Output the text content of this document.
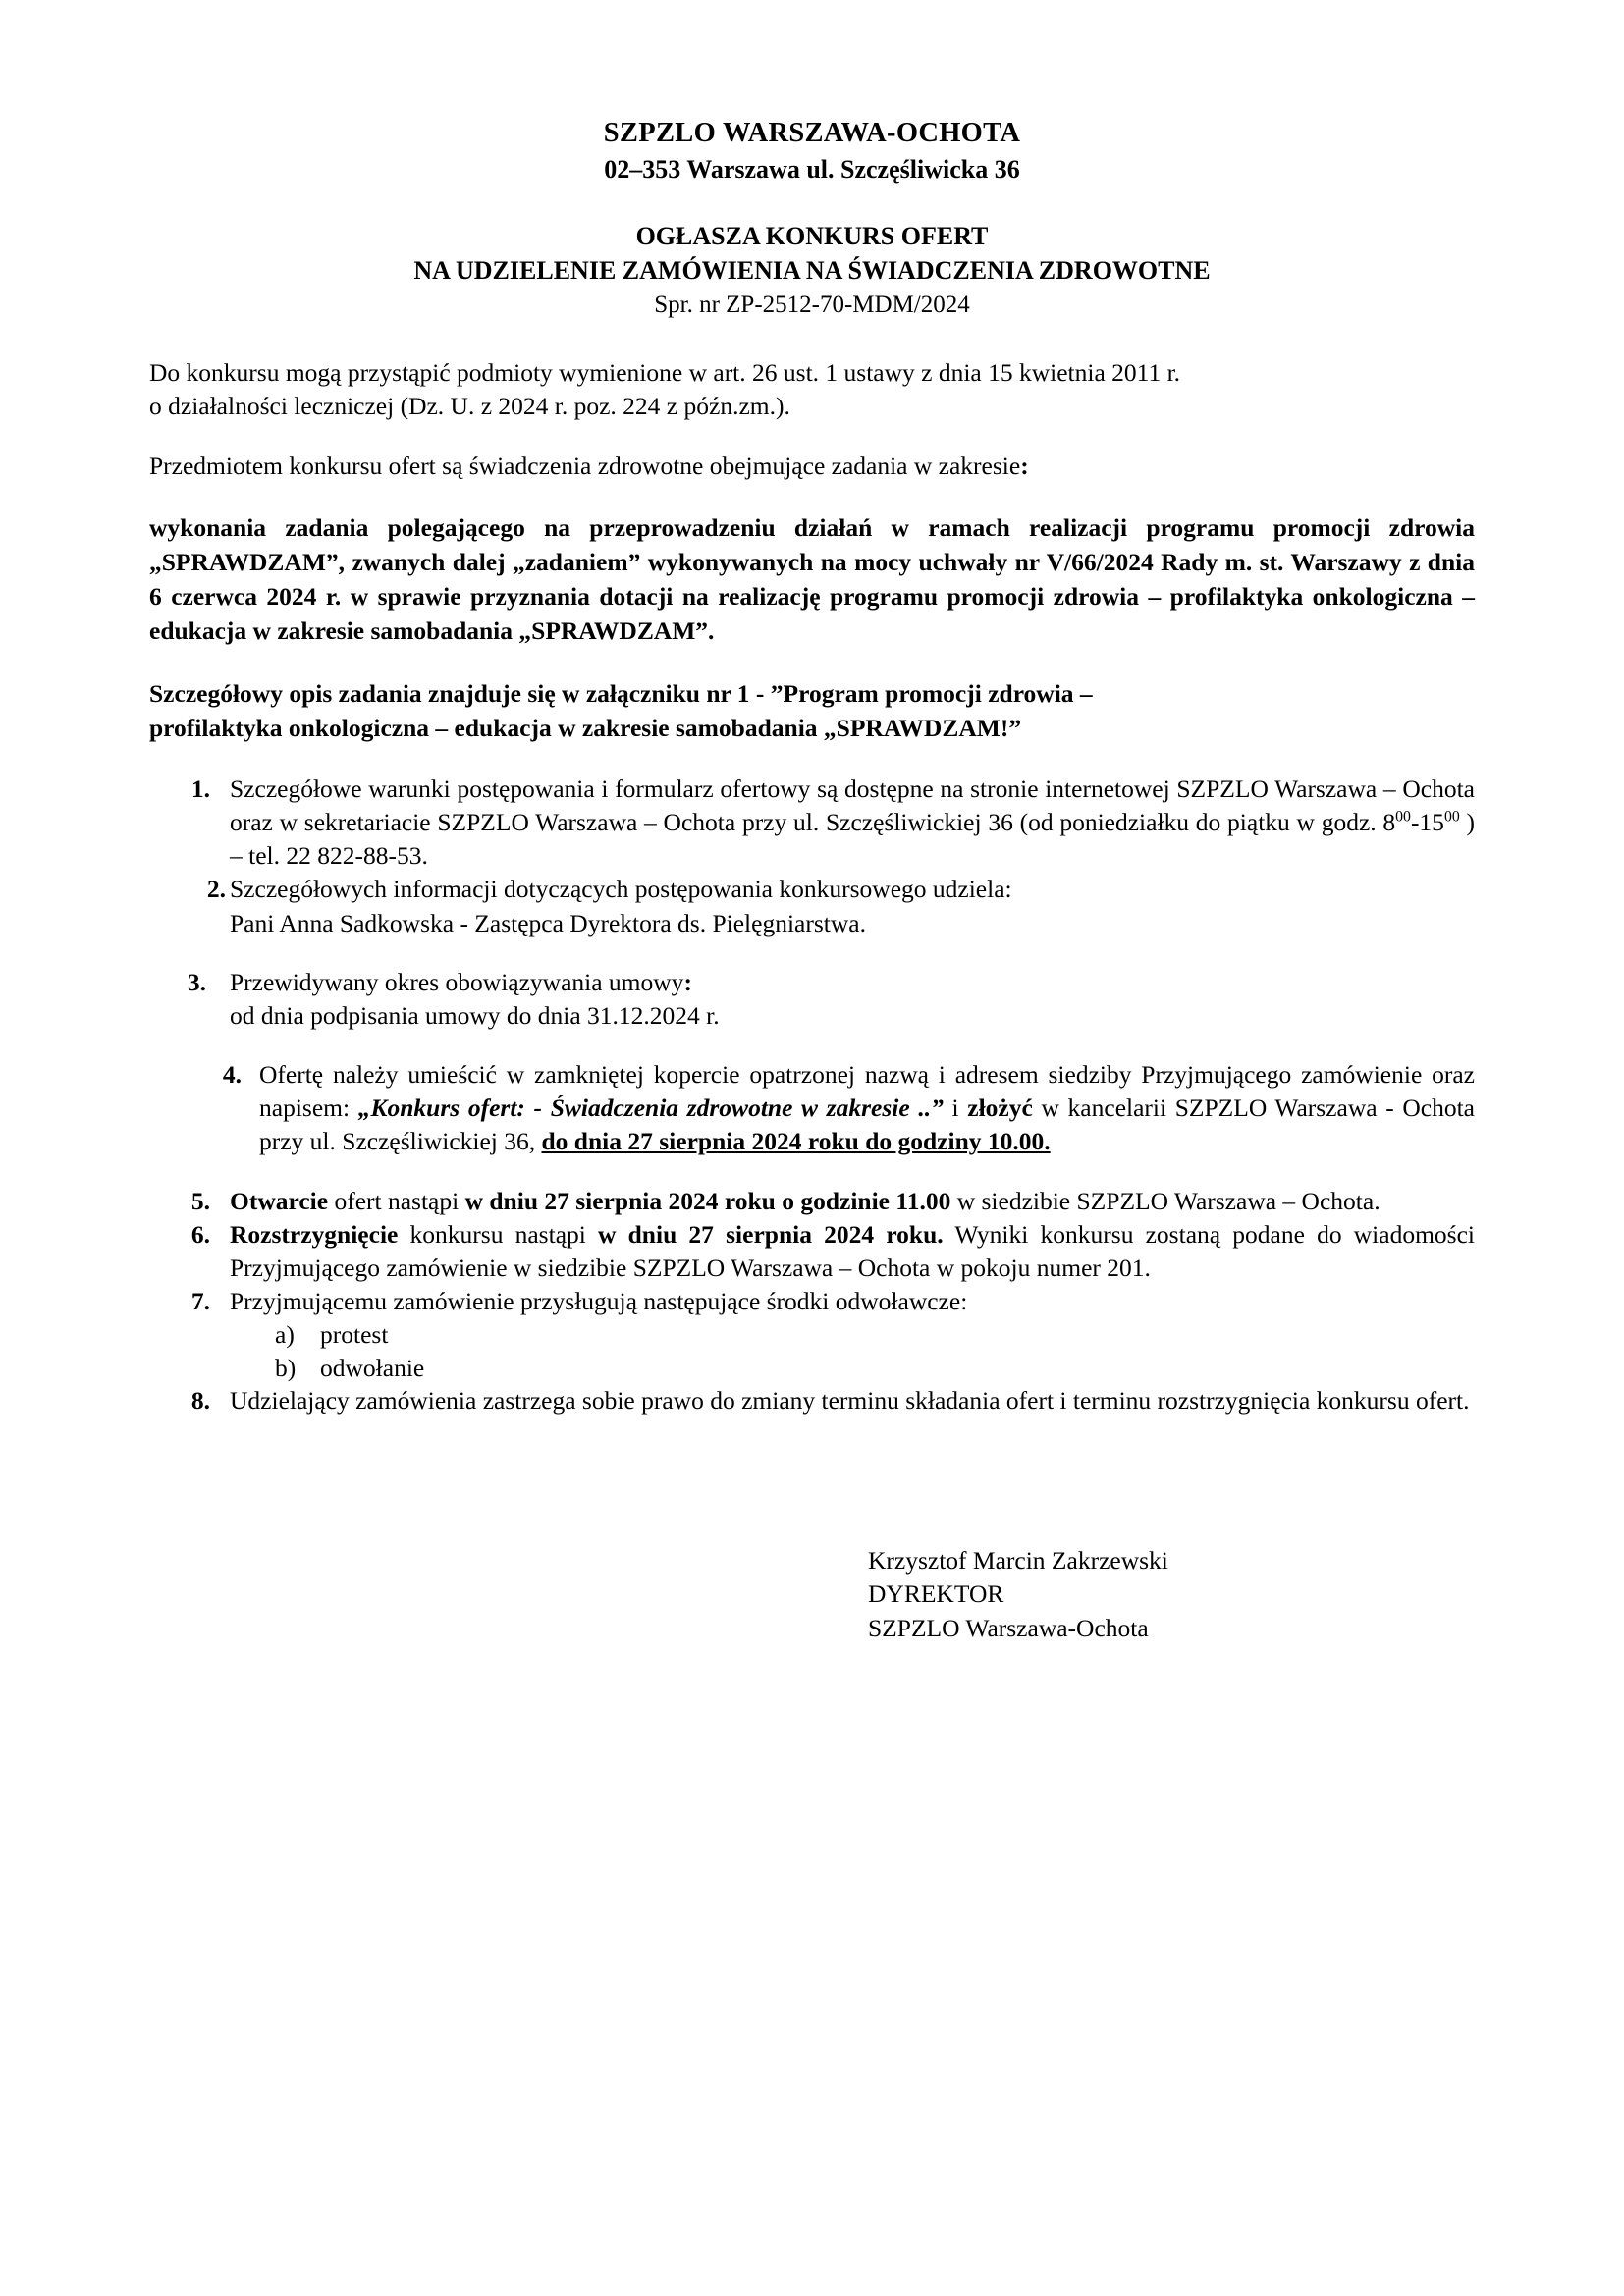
SZPZLO WARSZAWA-OCHOTA
02–353 Warszawa ul. Szczęśliwicka 36
OGŁASZA KONKURS OFERT
NA UDZIELENIE ZAMÓWIENIA NA ŚWIADCZENIA ZDROWOTNE
Spr. nr ZP-2512-70-MDM/2024

Do konkursu mogą przystąpić podmioty wymienione w art. 26 ust. 1 ustawy z dnia 15 kwietnia 2011 r.
o działalności leczniczej (Dz. U. z 2024 r. poz. 224 z późn.zm.).

Przedmiotem konkursu ofert są świadczenia zdrowotne obejmujące zadania w zakresie:

wykonania zadania polegającego na przeprowadzeniu działań w ramach realizacji programu promocji zdrowia „SPRAWDZAM”, zwanych dalej „zadaniem” wykonywanych na mocy uchwały nr V/66/2024 Rady m. st. Warszawy z dnia 6 czerwca 2024 r. w sprawie przyznania dotacji na realizację programu promocji zdrowia – profilaktyka onkologiczna – edukacja w zakresie samobadania „SPRAWDZAM”.

Szczegółowy opis zadania znajduje się w załączniku nr 1 - ”Program promocji zdrowia –
profilaktyka onkologiczna – edukacja w zakresie samobadania „SPRAWDZAM!”

1. Szczegółowe warunki postępowania i formularz ofertowy są dostępne na stronie internetowej SZPZLO Warszawa – Ochota oraz w sekretariacie SZPZLO Warszawa – Ochota przy ul. Szczęśliwickiej 36 (od poniedziałku do piątku w godz. $8^{00}-15^{00}$ ) – tel. 22 822-88-53.
2. Szczegółowych informacji dotyczących postępowania konkursowego udziela:
Pani Anna Sadkowska - Zastępca Dyrektora ds. Pielęgniarstwa.
3. Przewidywany okres obowiązywania umowy:
od dnia podpisania umowy do dnia 31.12.2024 r.
4. Ofertę należy umieścić w zamkniętej kopercie opatrzonej nazwą i adresem siedziby Przyjmującego zamówienie oraz napisem: „Konkurs ofert: - Świadczenia zdrowotne w zakresie ..” i złożyć w kancelarii SZPZLO Warszawa - Ochota przy ul. Szczęśliwickiej 36, do dnia 27 sierpnia 2024 roku do godziny 10.00.
5. Otwarcie ofert nastąpi w dniu 27 sierpnia 2024 roku o godzinie 11.00 w siedzibie SZPZLO Warszawa – Ochota.
6. Rozstrzygnięcie konkursu nastąpi w dniu 27 sierpnia 2024 roku. Wyniki konkursu zostaną podane do wiadomości Przyjmującego zamówienie w siedzibie SZPZLO Warszawa – Ochota w pokoju numer 201.
7. Przyjmującemu zamówienie przysługują następujące środki odwoławcze:
a)	protest
b) odwołanie
8. Udzielający zamówienia zastrzega sobie prawo do zmiany terminu składania ofert i terminu rozstrzygnięcia konkursu ofert.
Krzysztof Marcin Zakrzewski
DYREKTOR
SZPZLO Warszawa-Ochota
